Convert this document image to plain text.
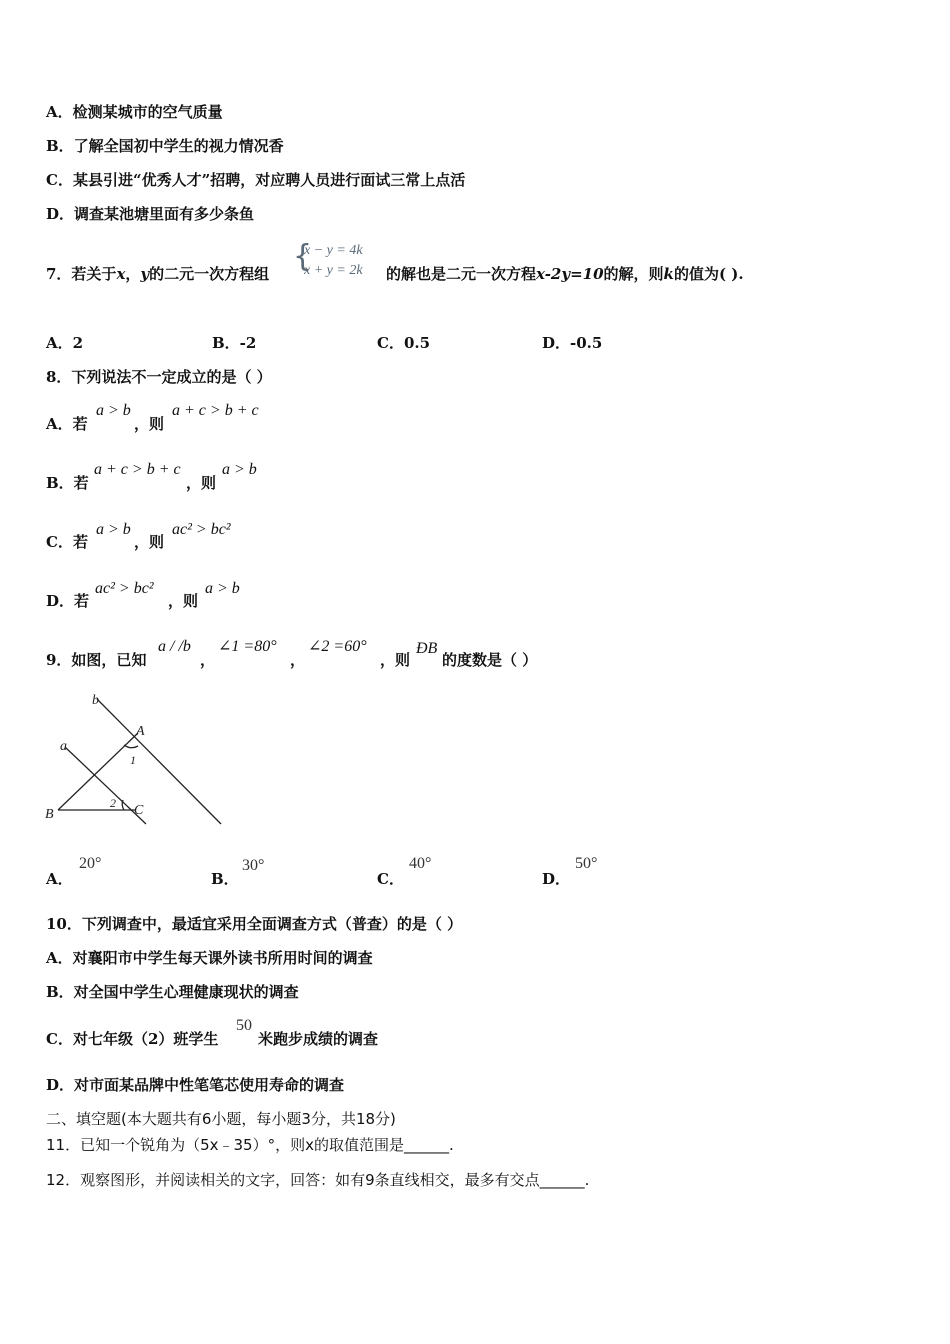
A．检测某城市的空气质量
B．了解全国初中学生的视力情况香
C．某县引进“优秀人才”招聘，对应聘人员进行面试三常上点活
D．调查某池塘里面有多少条鱼
7．若关于x，y的二元一次方程组 {
x − y = 4k
x + y = 2k 的解也是二元一次方程x-2y=10的解，则k的值为( ).
A．2	B．-2	C．0.5	D．-0.5
8．下列说法不一定成立的是（ ）
A．若
a > b
，则
a + c > b + c
B．若
a + c > b + c
，则
a > b
C．若
a > b
，则
ac² > bc²
D．若
ac² > bc²
，则
a > b
9．如图，已知
a / /b
，
∠1 =80°
，
∠2 =60°
，则
ÐB
的度数是（ ）
b
a
A
1
2
B	C
A．
20°
B．
30°
C．
40°
D．
50°
10．下列调查中，最适宜采用全面调查方式（普查）的是（ ）
A．对襄阳市中学生每天课外读书所用时间的调查
B．对全国中学生心理健康现状的调查
C．对七年级（2）班学生
50
米跑步成绩的调查
D．对市面某品牌中性笔笔芯使用寿命的调查
二、填空题(本大题共有6小题，每小题3分，共18分)
11．已知一个锐角为（5x﹣35）°，则x的取值范围是______.
12．观察图形，并阅读相关的文字，回答：如有9条直线相交，最多有交点______.
